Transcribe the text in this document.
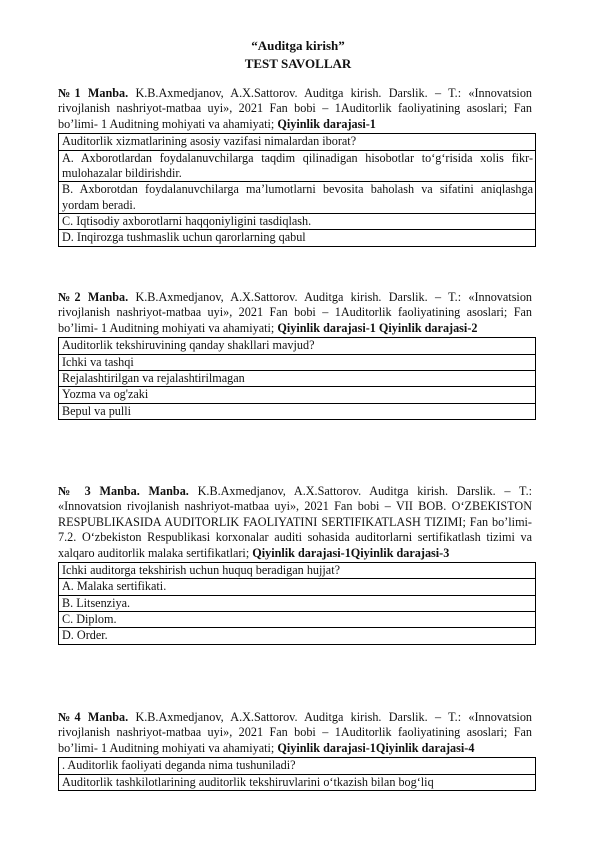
“Auditga kirish”
TEST SAVOLLAR

№1 Manba. K.B.Axmedjanov, A.X.Sattorov. Auditga kirish. Darslik. – T.: «Innovatsion rivojlanish nashriyot-matbaa uyi», 2021 Fan bobi – 1Auditorlik faoliyatining asoslari; Fan bo’limi- 1 Auditning mohiyati va ahamiyati; Qiyinlik darajasi-1

Auditorlik xizmatlarining asosiy vazifasi nimalardan iborat?
A. Axborotlardan foydalanuvchilarga taqdim qilinadigan hisobotlar to‘g‘risida xolis fikr-mulohazalar bildirishdir.
B. Axborotdan foydalanuvchilarga ma’lumotlarni bevosita baholash va sifatini aniqlashga yordam beradi.
C. Iqtisodiy axborotlarni haqqoniyligini tasdiqlash.
D. Inqirozga tushmaslik uchun qarorlarning qabul

№2 Manba. K.B.Axmedjanov, A.X.Sattorov. Auditga kirish. Darslik. – T.: «Innovatsion rivojlanish nashriyot-matbaa uyi», 2021 Fan bobi – 1Auditorlik faoliyatining asoslari; Fan bo’limi- 1 Auditning mohiyati va ahamiyati; Qiyinlik darajasi-1 Qiyinlik darajasi-2

Auditorlik tekshiruvining qanday shakllari mavjud?
Ichki va tashqi
Rejalashtirilgan va rejalashtirilmagan
Yozma va og'zaki
Bepul va pulli

№ 3 Manba. Manba. K.B.Axmedjanov, A.X.Sattorov. Auditga kirish. Darslik. – T.: «Innovatsion rivojlanish nashriyot-matbaa uyi», 2021 Fan bobi – VII BOB. O‘ZBEKISTON RESPUBLIKASIDA AUDITORLIK FAOLIYATINI SERTIFIKATLASH TIZIMI; Fan bo’limi- 7.2. O‘zbekiston Respublikasi korxonalar auditi sohasida auditorlarni sertifikatlash tizimi va xalqaro auditorlik malaka sertifikatlari; Qiyinlik darajasi-1Qiyinlik darajasi-3

Ichki auditorga tekshirish uchun huquq beradigan hujjat?
A. Malaka sertifikati.
B. Litsenziya.
C. Diplom.
D. Order.

№4 Manba. K.B.Axmedjanov, A.X.Sattorov. Auditga kirish. Darslik. – T.: «Innovatsion rivojlanish nashriyot-matbaa uyi», 2021 Fan bobi – 1Auditorlik faoliyatining asoslari; Fan bo’limi- 1 Auditning mohiyati va ahamiyati; Qiyinlik darajasi-1Qiyinlik darajasi-4

. Auditorlik faoliyati deganda nima tushuniladi?
Auditorlik tashkilotlarining auditorlik tekshiruvlarini o‘tkazish bilan bog‘liq
